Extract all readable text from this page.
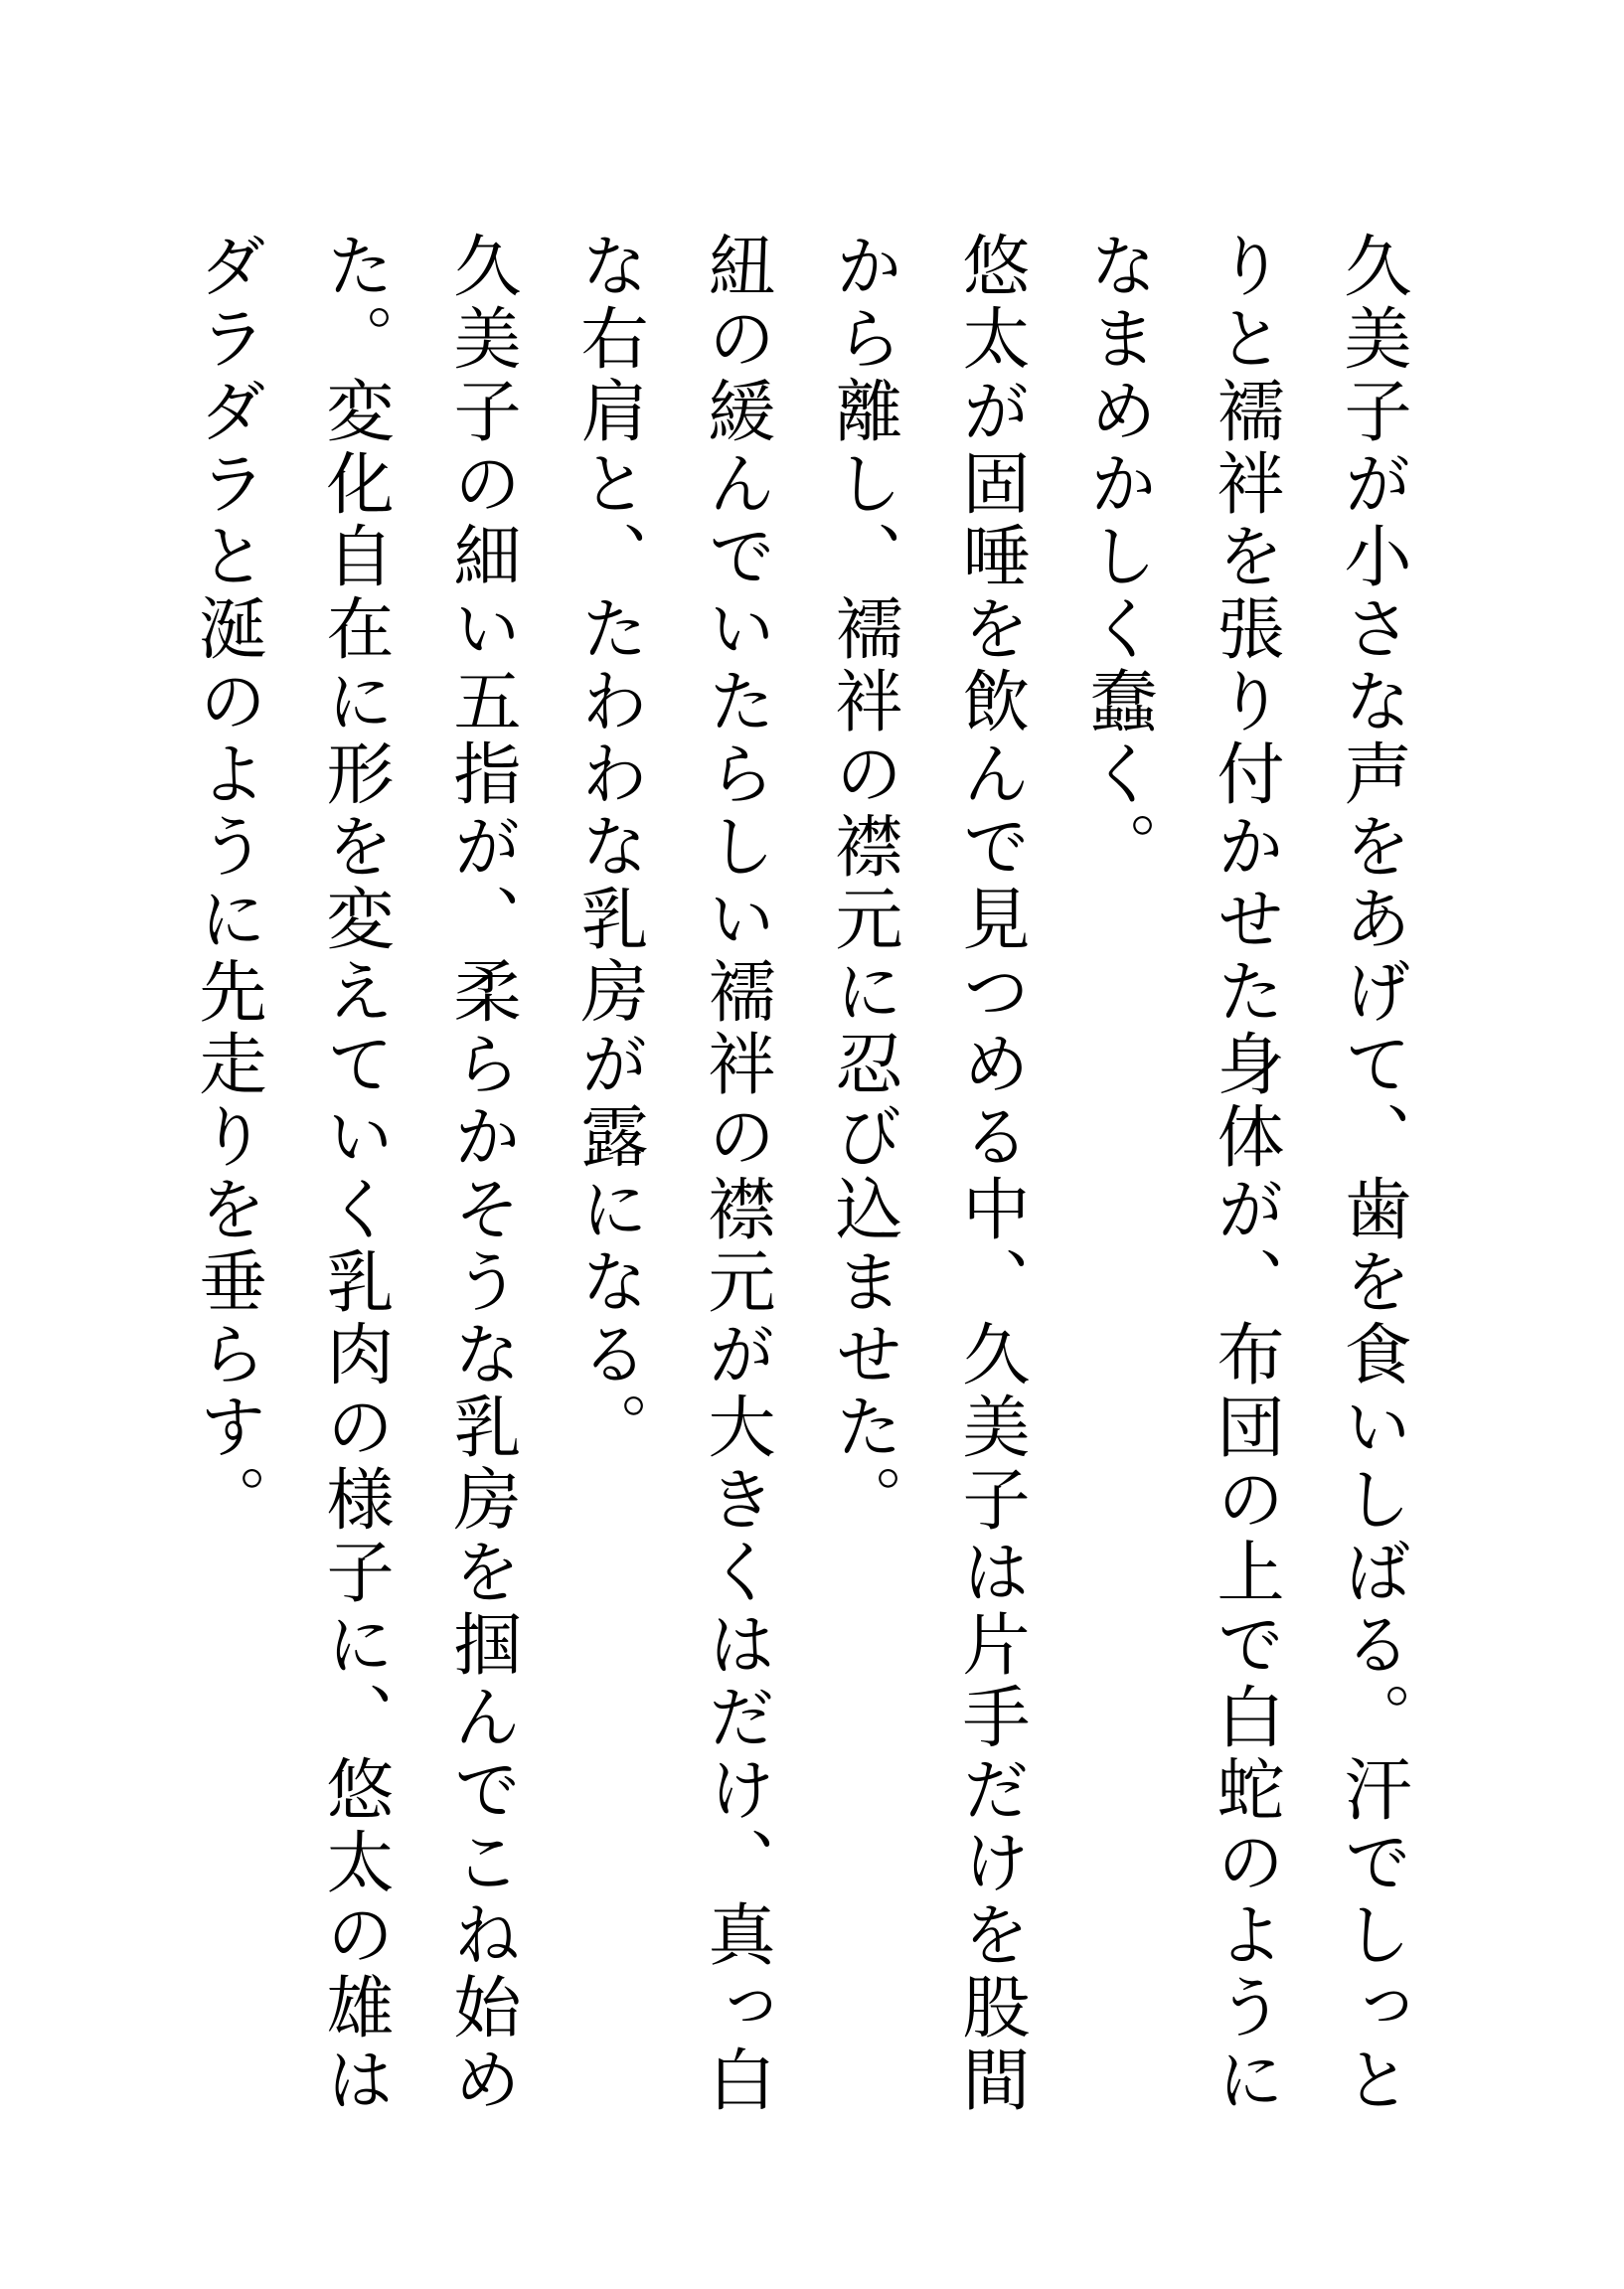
久美子が小さな声をあげて、歯を食いしばる。汗でしっとりと襦袢を張り付かせた身体が、布団の上で白蛇のようになまめかしく蠢く。

悠太が固唾を飲んで見つめる中、久美子は片手だけを股間から離し、襦袢の襟元に忍び込ませた。

紐の緩んでいたらしい襦袢の襟元が大きくはだけ、真っ白な右肩と、たわわな乳房が露になる。

久美子の細い五指が、柔らかそうな乳房を掴んでこね始めた。変化自在に形を変えていく乳肉の様子に、悠太の雄はダラダラと涎のように先走りを垂らす。
